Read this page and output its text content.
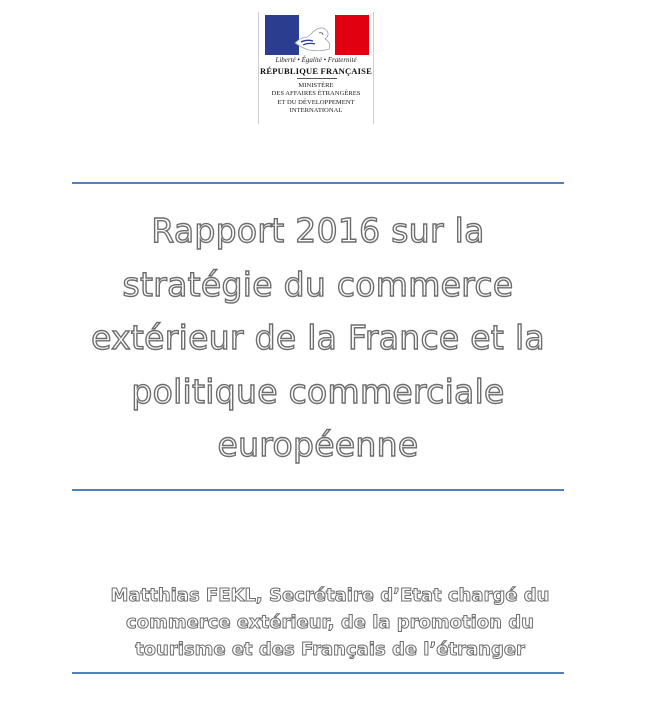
Liberté • Égalité • Fraternité
RÉPUBLIQUE FRANÇAISE
MINISTÈRE
DES AFFAIRES ÉTRANGÈRES
ET DU DÉVELOPPEMENT
INTERNATIONAL
Rapport 2016 sur la
stratégie du commerce
extérieur de la France et la
politique commerciale
européenne
Matthias FEKL, Secrétaire d’Etat chargé du
commerce extérieur, de la promotion du
tourisme et des Français de l’étranger
